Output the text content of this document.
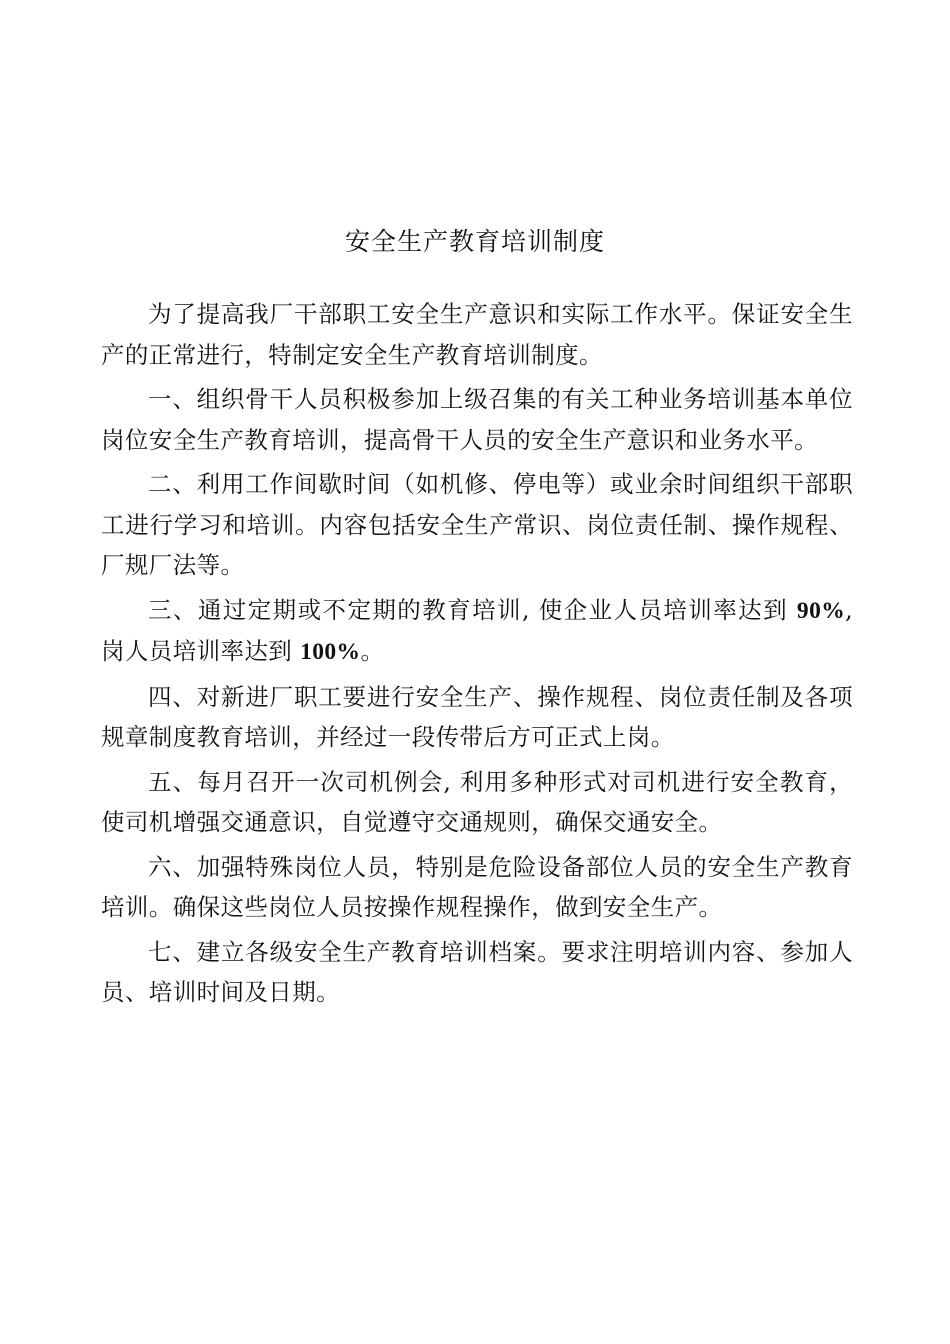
安全生产教育培训制度

为了提高我厂干部职工安全生产意识和实际工作水平。保证安全生产的正常进行，特制定安全生产教育培训制度。

一、组织骨干人员积极参加上级召集的有关工种业务培训基本单位岗位安全生产教育培训，提高骨干人员的安全生产意识和业务水平。

二、利用工作间歇时间（如机修、停电等）或业余时间组织干部职工进行学习和培训。内容包括安全生产常识、岗位责任制、操作规程、厂规厂法等。

三、通过定期或不定期的教育培训, 使企业人员培训率达到 90%, 岗人员培训率达到 100%。

四、对新进厂职工要进行安全生产、操作规程、岗位责任制及各项规章制度教育培训，并经过一段传带后方可正式上岗。

五、每月召开一次司机例会, 利用多种形式对司机进行安全教育，使司机增强交通意识，自觉遵守交通规则，确保交通安全。

六、加强特殊岗位人员，特别是危险设备部位人员的安全生产教育培训。确保这些岗位人员按操作规程操作，做到安全生产。

七、建立各级安全生产教育培训档案。要求注明培训内容、参加人员、培训时间及日期。
